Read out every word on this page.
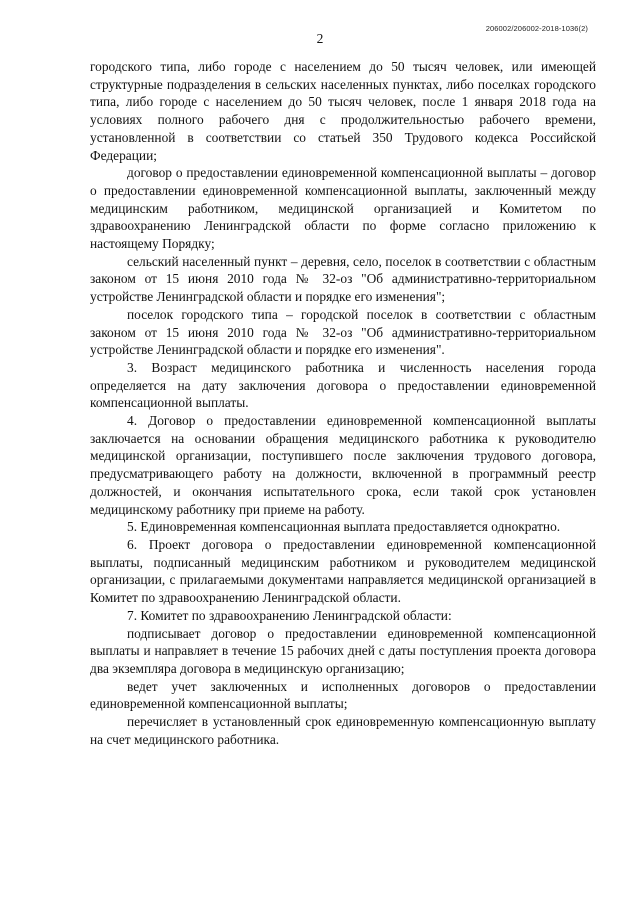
206002/206002-2018-1036(2)
2

городского типа, либо городе с населением до 50 тысяч человек, или имеющей структурные подразделения в сельских населенных пунктах, либо поселках городского типа, либо городе с населением до 50 тысяч человек, после 1 января 2018 года на условиях полного рабочего дня с продолжительностью рабочего времени, установленной в соответствии со статьей 350 Трудового кодекса Российской Федерации;

договор о предоставлении единовременной компенсационной выплаты – договор о предоставлении единовременной компенсационной выплаты, заключенный между медицинским работником, медицинской организацией и Комитетом по здравоохранению Ленинградской области по форме согласно приложению к настоящему Порядку;

сельский населенный пункт – деревня, село, поселок в соответствии с областным законом от 15 июня 2010 года № 32-оз "Об административно-территориальном устройстве Ленинградской области и порядке его изменения";

поселок городского типа – городской поселок в соответствии с областным законом от 15 июня 2010 года № 32-оз "Об административно-территориальном устройстве Ленинградской области и порядке его изменения".

3. Возраст медицинского работника и численность населения города определяется на дату заключения договора о предоставлении единовременной компенсационной выплаты.

4. Договор о предоставлении единовременной компенсационной выплаты заключается на основании обращения медицинского работника к руководителю медицинской организации, поступившего после заключения трудового договора, предусматривающего работу на должности, включенной в программный реестр должностей, и окончания испытательного срока, если такой срок установлен медицинскому работнику при приеме на работу.

5. Единовременная компенсационная выплата предоставляется однократно.

6. Проект договора о предоставлении единовременной компенсационной выплаты, подписанный медицинским работником и руководителем медицинской организации, с прилагаемыми документами направляется медицинской организацией в Комитет по здравоохранению Ленинградской области.

7. Комитет по здравоохранению Ленинградской области:

подписывает договор о предоставлении единовременной компенсационной выплаты и направляет в течение 15 рабочих дней с даты поступления проекта договора два экземпляра договора в медицинскую организацию;

ведет учет заключенных и исполненных договоров о предоставлении единовременной компенсационной выплаты;

перечисляет в установленный срок единовременную компенсационную выплату на счет медицинского работника.
